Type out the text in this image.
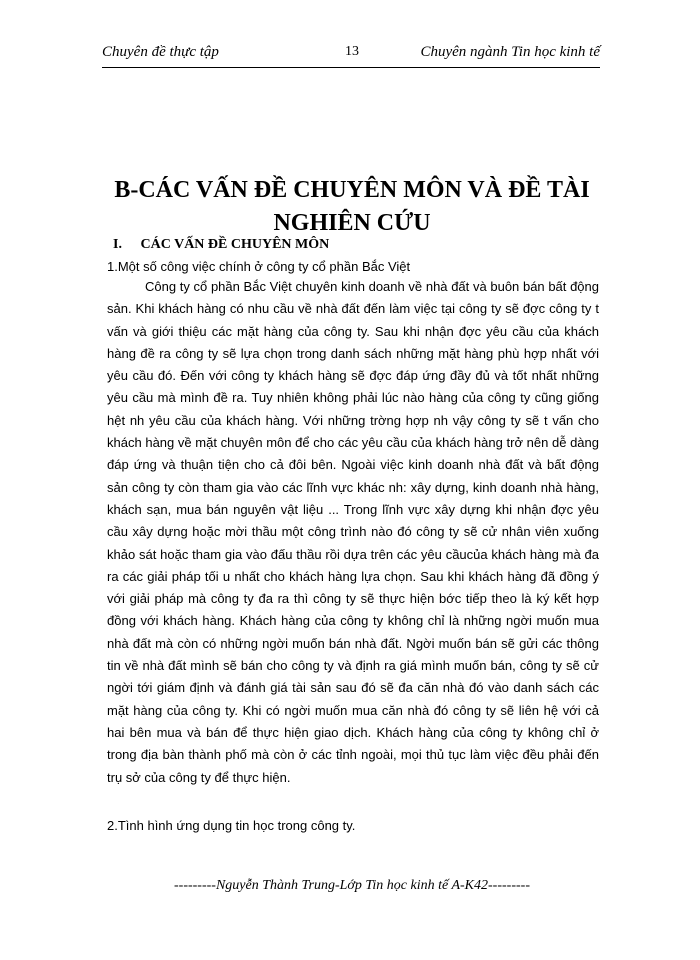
Chuyên đề thực tập	13	Chuyên ngành Tin học kinh tế
B-CÁC VẤN ĐỀ CHUYÊN MÔN VÀ ĐỀ TÀI
NGHIÊN CỨU
I. CÁC VẤN ĐỀ CHUYÊN MÔN
1.Một số công việc chính ở công ty cổ phần Bắc Việt

Công ty cổ phần Bắc Việt chuyên kinh doanh về nhà đất và buôn bán bất động sản. Khi khách hàng có nhu cầu về nhà đất đến làm việc tại công ty sẽ đợc công ty t vấn và giới thiệu các mặt hàng của công ty. Sau khi nhận đợc yêu cầu của khách hàng đề ra công ty sẽ lựa chọn trong danh sách những mặt hàng phù hợp nhất với yêu cầu đó. Đến với công ty khách hàng sẽ đợc đáp ứng đầy đủ và tốt nhất những yêu cầu mà mình đề ra. Tuy nhiên không phải lúc nào hàng của công ty cũng giống hệt nh yêu cầu của khách hàng. Với những trờng hợp nh vậy công ty sẽ t vấn cho khách hàng về mặt chuyên môn để cho các yêu cầu của khách hàng trở nên dễ dàng đáp ứng và thuận tiện cho cả đôi bên. Ngoài việc kinh doanh nhà đất và bất động sản công ty còn tham gia vào các lĩnh vực khác nh: xây dựng, kinh doanh nhà hàng, khách sạn, mua bán nguyên vật liệu ... Trong lĩnh vực xây dựng khi nhận đợc yêu cầu xây dựng hoặc mời thầu một công trình nào đó công ty sẽ cử nhân viên xuống khảo sát hoặc tham gia vào đấu thầu rồi dựa trên các yêu cầucủa khách hàng mà đa ra các giải pháp tối u nhất cho khách hàng lựa chọn. Sau khi khách hàng đã đồng ý với giải pháp mà công ty đa ra thì công ty sẽ thực hiện bớc tiếp theo là ký kết hợp đồng với khách hàng. Khách hàng của công ty không chỉ là những ngời muốn mua nhà đất mà còn có những ngời muốn bán nhà đất. Ngời muốn bán sẽ gửi các thông tin về nhà đất mình sẽ bán cho công ty và định ra giá mình muốn bán, công ty sẽ cử ngời tới giám định và đánh giá tài sản sau đó sẽ đa căn nhà đó vào danh sách các mặt hàng của công ty. Khi có ngời muốn mua căn nhà đó công ty sẽ liên hệ với cả hai bên mua và bán để thực hiện giao dịch. Khách hàng của công ty không chỉ ở trong địa bàn thành phố mà còn ở các tỉnh ngoài, mọi thủ tục làm việc đều phải đến trụ sở của công ty để thực hiện.

2.Tình hình ứng dụng tin học trong công ty.
---------Nguyễn Thành Trung-Lớp Tin học kinh tế A-K42---------
